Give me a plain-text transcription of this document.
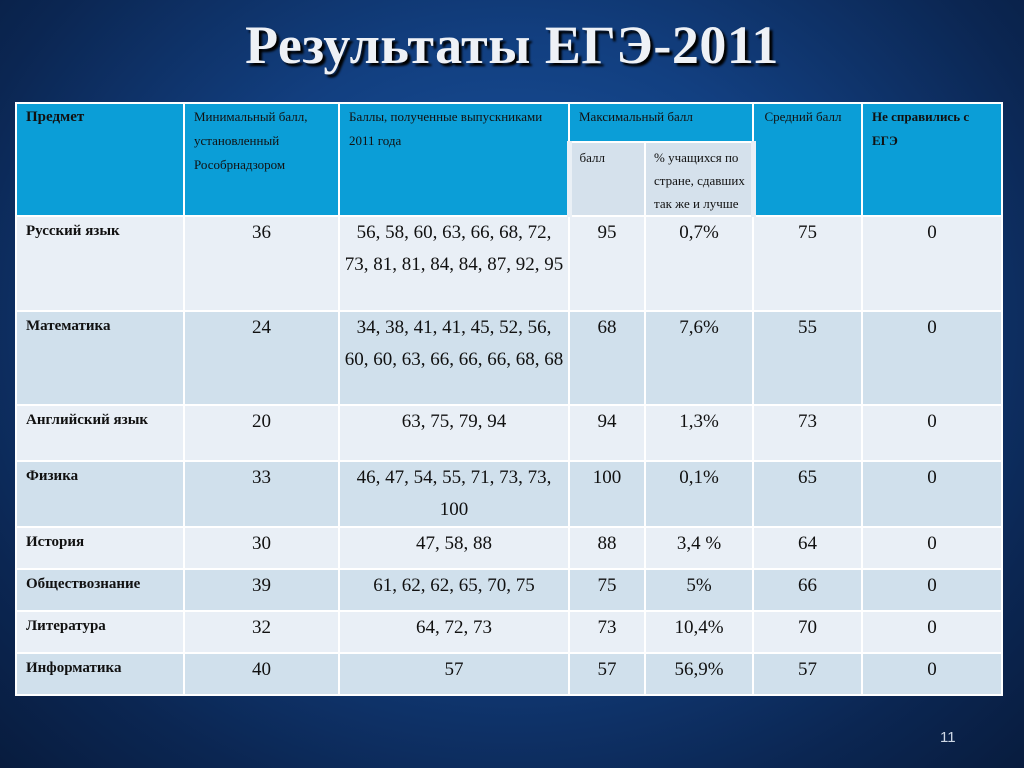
Результаты ЕГЭ-2011
Предмет	Минимальный балл, установленный Рособрнадзором	Баллы, полученные выпускниками 2011 года	Максимальный балл		Средний балл	Не справились с ЕГЭ
			балл	% учащихся по стране, сдавших так же и лучше		
Русский язык	36	56, 58, 60, 63, 66, 68, 72, 73, 81, 81, 84, 84, 87, 92, 95	95	0,7%	75	0
Математика	24	34, 38, 41, 41, 45, 52, 56, 60, 60, 63, 66, 66, 66, 68, 68	68	7,6%	55	0
Английский язык	20	63, 75, 79, 94	94	1,3%	73	0
Физика	33	46, 47, 54, 55, 71, 73, 73, 100	100	0,1%	65	0
История	30	47, 58, 88	88	3,4 %	64	0
Обществознание	39	61, 62, 62, 65, 70, 75	75	5%	66	0
Литература	32	64, 72, 73	73	10,4%	70	0
Информатика	40	57	57	56,9%	57	0
11
